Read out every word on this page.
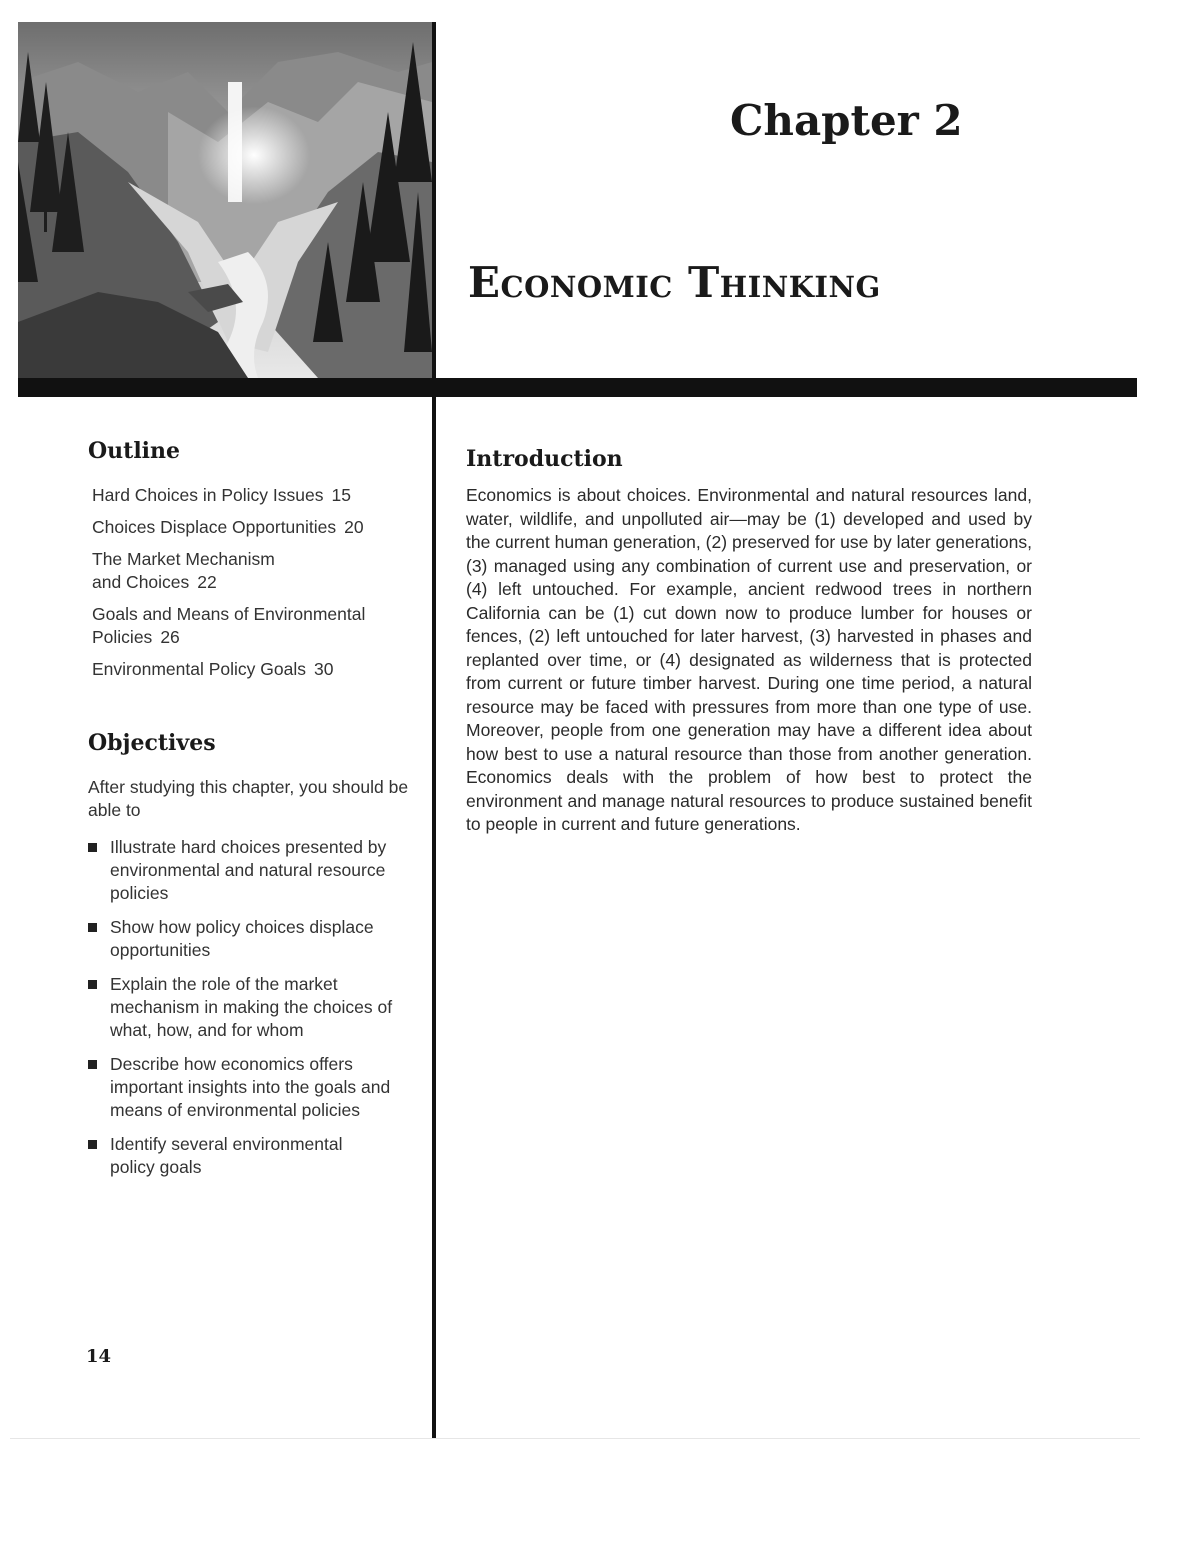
Chapter 2
Economic Thinking
Outline
Hard Choices in Policy Issues 15
Choices Displace Opportunities 20
The Market Mechanism and Choices 22
Goals and Means of Environmental Policies 26
Environmental Policy Goals 30
Objectives

After studying this chapter, you should be able to

Illustrate hard choices presented by environmental and natural resource policies
Show how policy choices displace opportunities
Explain the role of the market mechanism in making the choices of what, how, and for whom
Describe how economics offers important insights into the goals and means of environmental policies
Identify several environmental policy goals
14
Introduction

Economics is about choices. Environmental and natural resources land, water, wildlife, and unpolluted air—may be (1) developed and used by the current human generation, (2) preserved for use by later generations, (3) managed using any combination of current use and preservation, or (4) left untouched. For example, ancient redwood trees in northern California can be (1) cut down now to produce lumber for houses or fences, (2) left untouched for later harvest, (3) harvested in phases and replanted over time, or (4) designated as wilderness that is protected from current or future timber harvest. During one time period, a natural resource may be faced with pressures from more than one type of use. Moreover, people from one generation may have a different idea about how best to use a natural resource than those from another generation. Economics deals with the problem of how best to protect the environment and manage natural resources to produce sustained benefit to people in current and future generations.
